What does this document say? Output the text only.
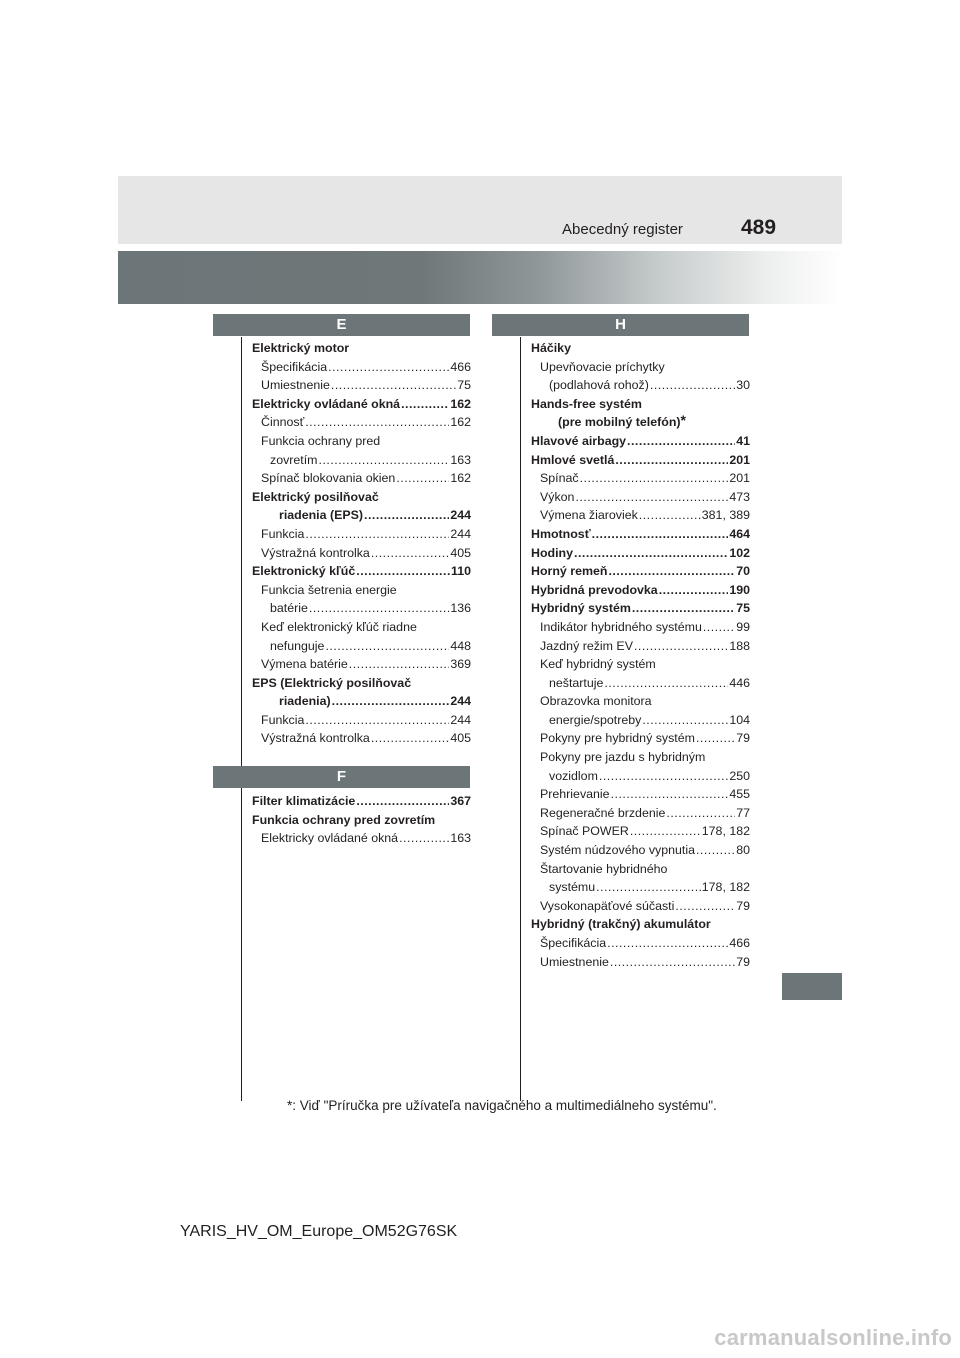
Abecedný register	489
E
Elektrický motor
Špecifikácia .....	466
Umiestnenie .....	75
Elektricky ovládané okná .....	162
Činnosť .....	162
Funkcia ochrany pred
zovretím .....	163
Spínač blokovania okien .....	162
Elektrický posilňovač
riadenia (EPS) .....	244
Funkcia .....	244
Výstražná kontrolka .....	405
Elektronický kľúč .....	110
Funkcia šetrenia energie
batérie .....	136
Keď elektronický kľúč riadne
nefunguje .....	448
Výmena batérie .....	369
EPS (Elektrický posilňovač
riadenia) .....	244
Funkcia .....	244
Výstražná kontrolka .....	405
F
Filter klimatizácie .....	367
Funkcia ochrany pred zovretím
Elektricky ovládané okná .....	163
H
Háčiky
Upevňovacie príchytky
(podlahová rohož) .....	30
Hands-free systém
(pre mobilný telefón)*
Hlavové airbagy .....	41
Hmlové svetlá .....	201
Spínač .....	201
Výkon .....	473
Výmena žiaroviek .....	381, 389
Hmotnosť .....	464
Hodiny .....	102
Horný remeň .....	70
Hybridná prevodovka .....	190
Hybridný systém .....	75
Indikátor hybridného systému .....	99
Jazdný režim EV .....	188
Keď hybridný systém
neštartuje .....	446
Obrazovka monitora
energie/spotreby .....	104
Pokyny pre hybridný systém .....	79
Pokyny pre jazdu s hybridným
vozidlom .....	250
Prehrievanie .....	455
Regeneračné brzdenie .....	77
Spínač POWER .....	178, 182
Systém núdzového vypnutia .....	80
Štartovanie hybridného
systému .....	178, 182
Vysokonapäťové súčasti .....	79
Hybridný (trakčný) akumulátor
Špecifikácia .....	466
Umiestnenie .....	79
*: Viď "Príručka pre užívateľa navigačného a multimediálneho systému".
YARIS_HV_OM_Europe_OM52G76SK
carmanualsonline.info
